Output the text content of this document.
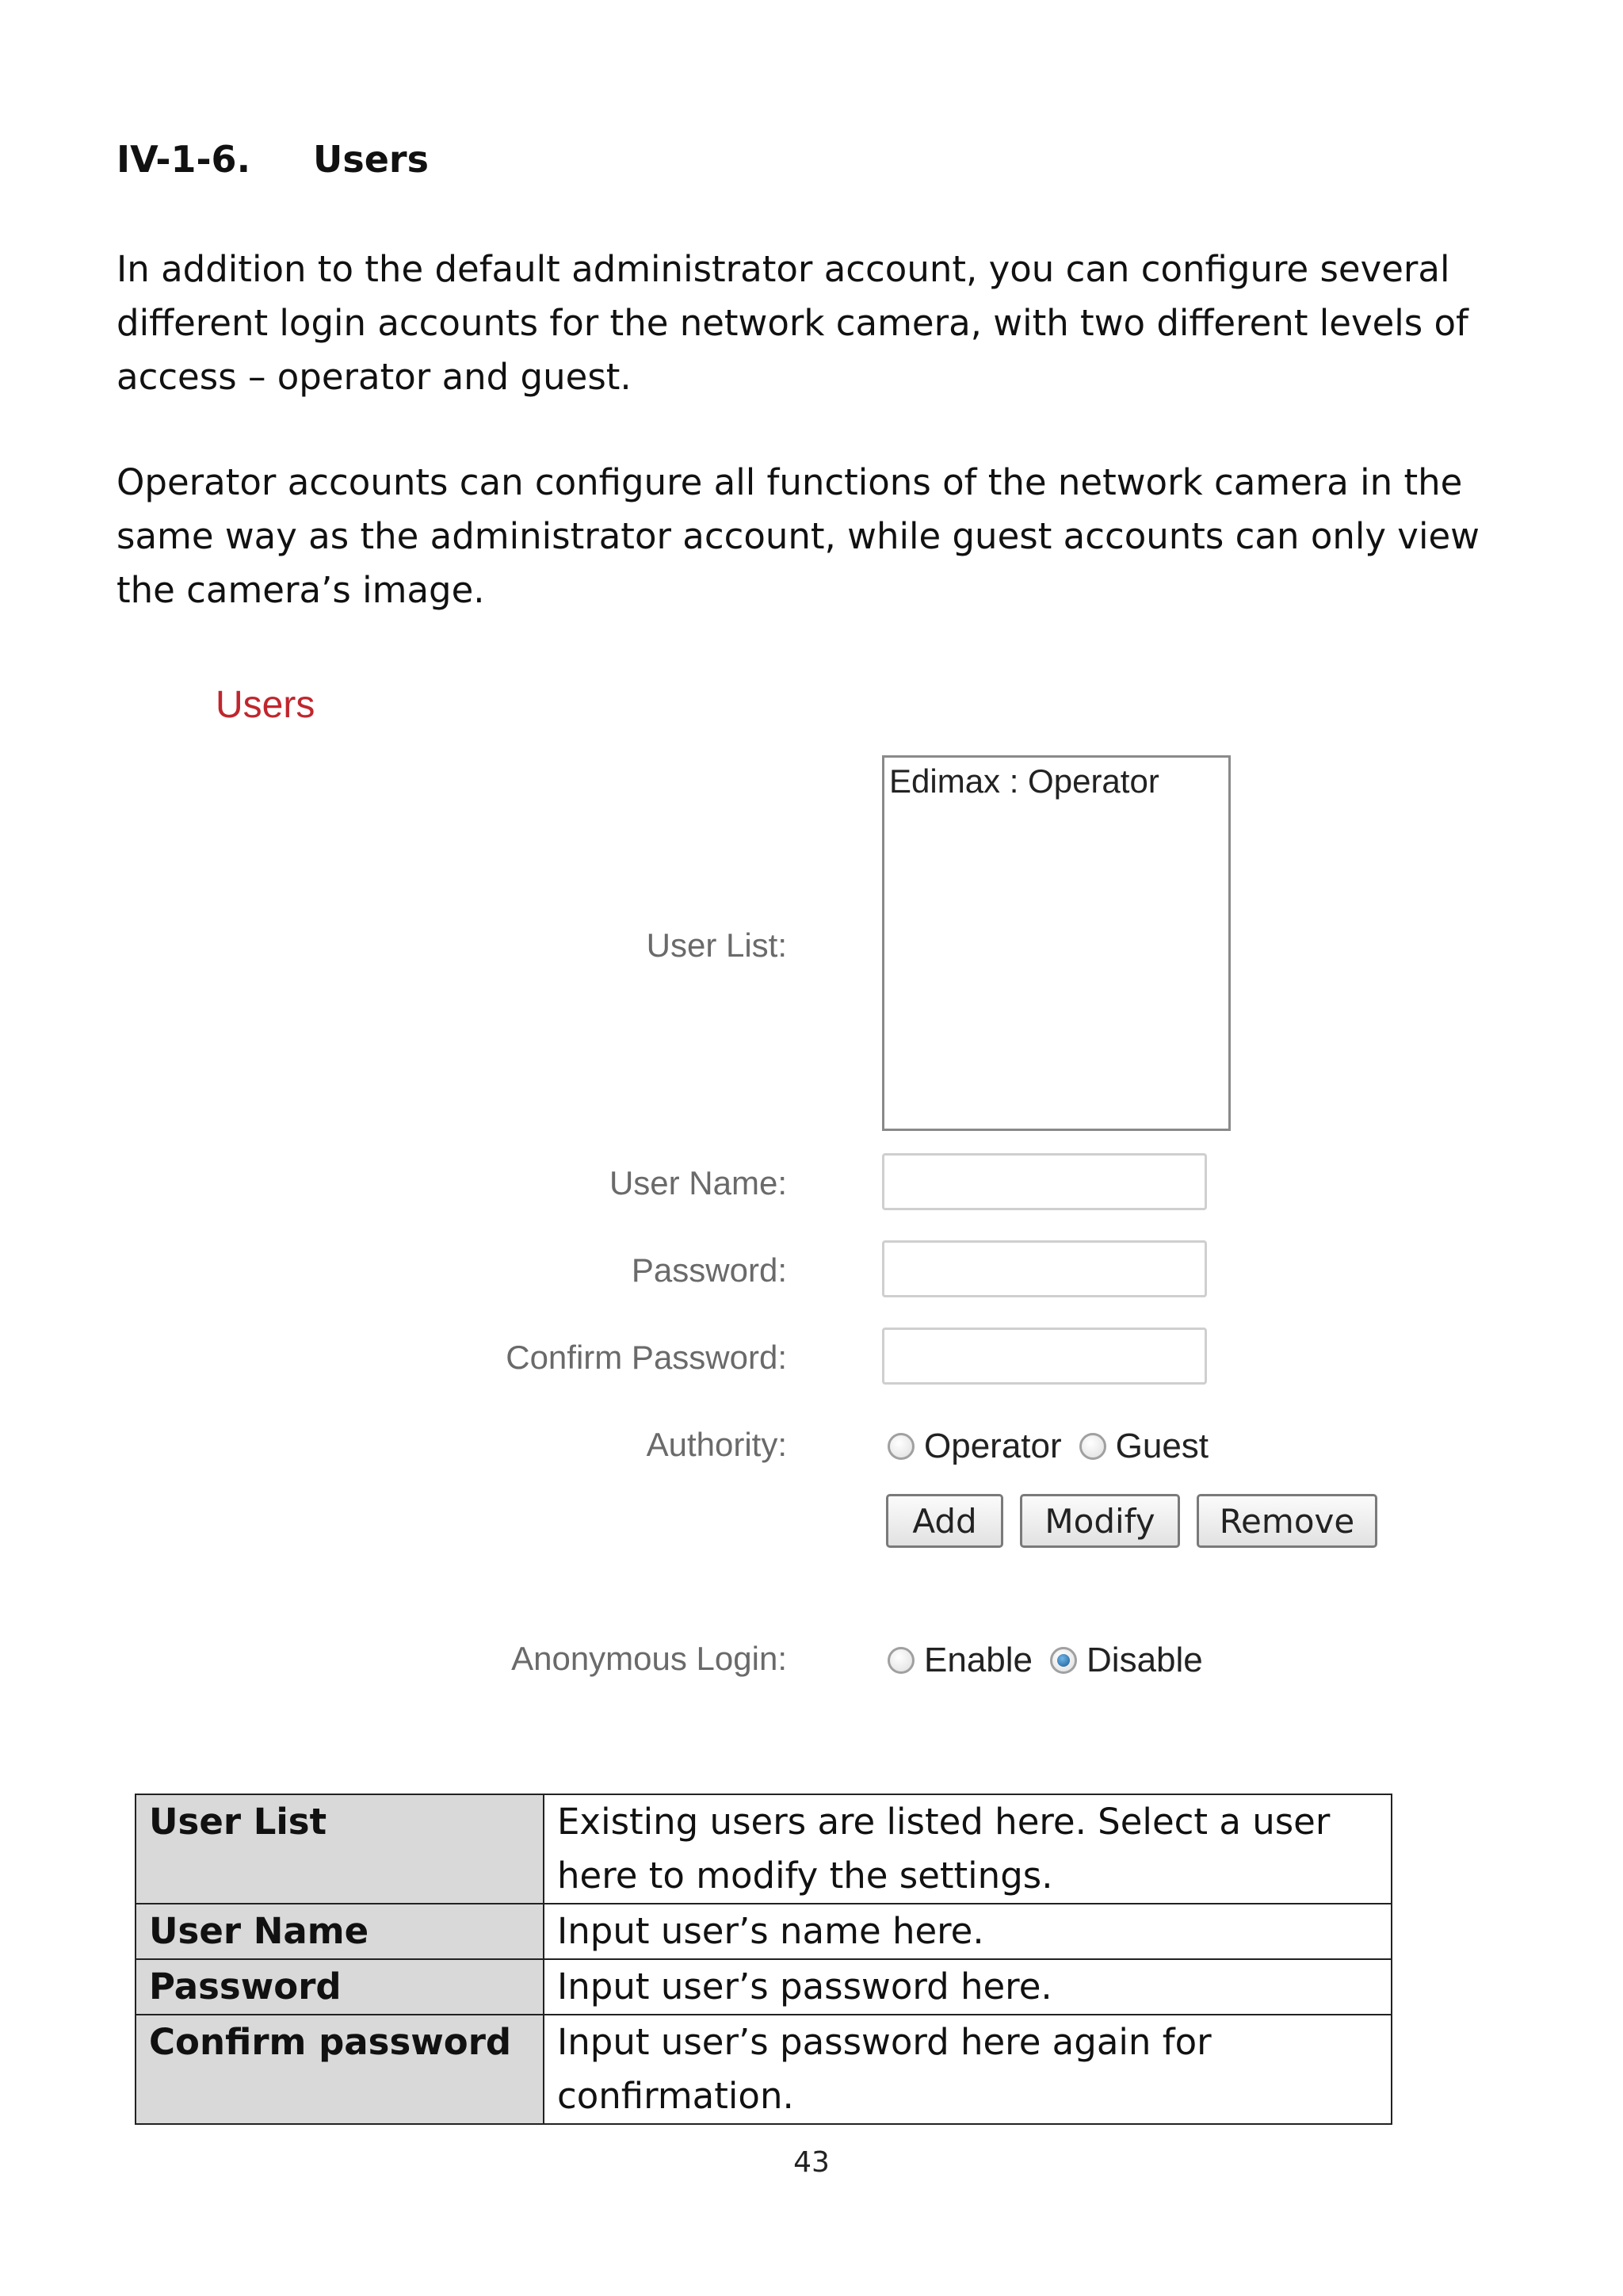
IV-1-6. Users

In addition to the default administrator account, you can configure several different login accounts for the network camera, with two different levels of access – operator and guest.

Operator accounts can configure all functions of the network camera in the same way as the administrator account, while guest accounts can only view the camera’s image.

Users
User List:
Edimax : Operator
User Name:
Password:
Confirm Password:
Authority:	Operator Guest
Add	Modify	Remove
Anonymous Login:	Enable Disable
User List	Existing users are listed here. Select a user here to modify the settings.
User Name	Input user’s name here.
Password	Input user’s password here.
Confirm password	Input user’s password here again for confirmation.
43
